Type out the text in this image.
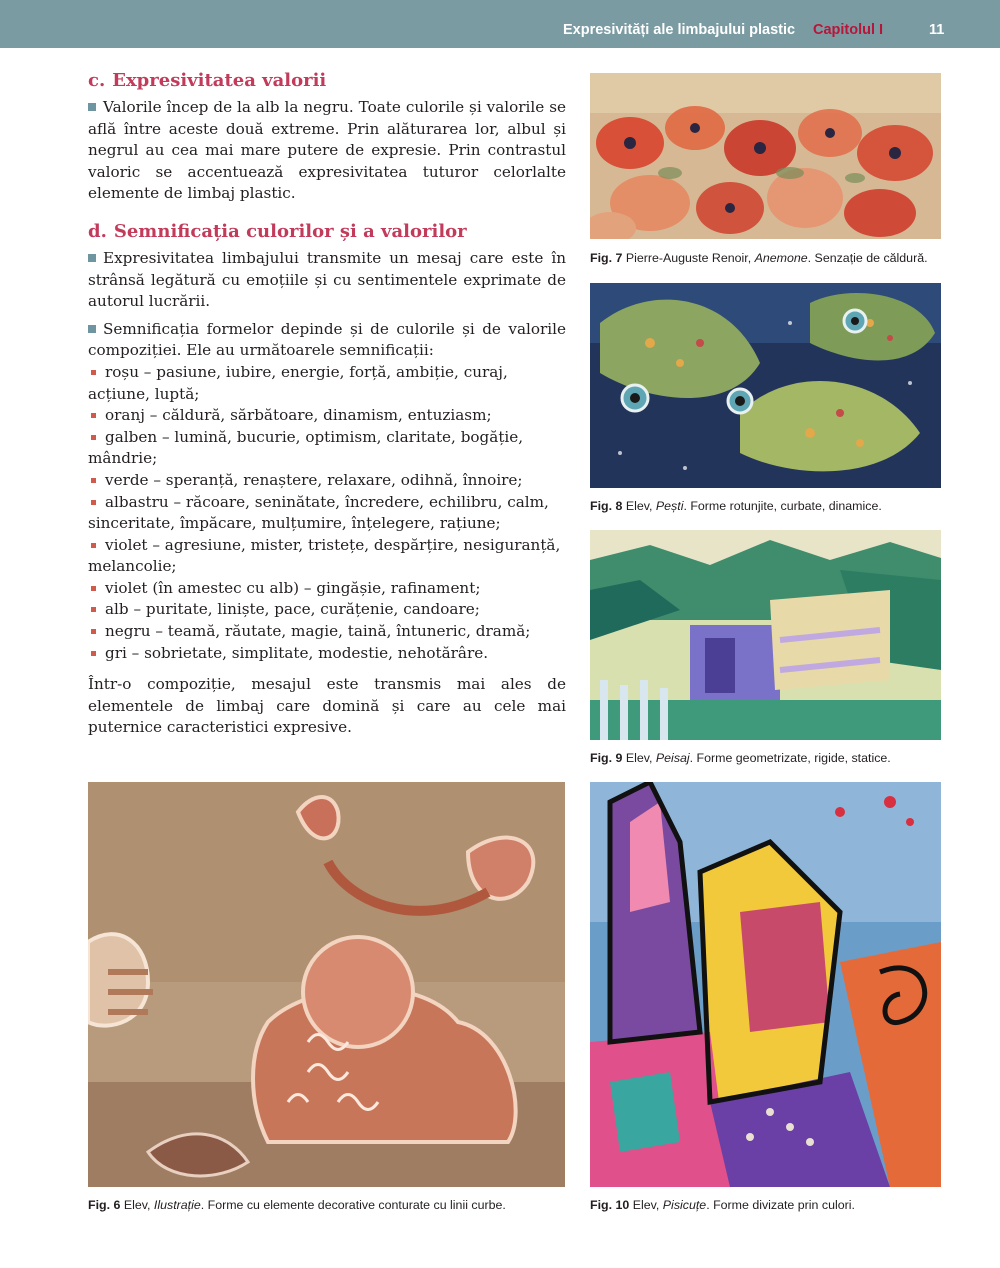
Expresivități ale limbajului plastic Capitolul I	11
c. Expresivitatea valorii

Valorile încep de la alb la negru. Toate culorile și valorile se află între aceste două extreme. Prin alăturarea lor, albul și negrul au cea mai mare putere de expresie. Prin contrastul valoric se accentuează expresivitatea tuturor celorlalte elemente de limbaj plastic.

d. Semnificația culorilor și a valorilor

Expresivitatea limbajului transmite un mesaj care este în strânsă legătură cu emoțiile și cu sentimentele exprimate de autorul lucrării.

Semnificația formelor depinde și de culorile și de valorile compoziției. Ele au următoarele semnificații:

roșu – pasiune, iubire, energie, forță, ambiție, curaj, acțiune, luptă;
oranj – căldură, sărbătoare, dinamism, entuziasm;
galben – lumină, bucurie, optimism, claritate, bogăție, mândrie;
verde – speranță, renaștere, relaxare, odihnă, înnoire;
albastru – răcoare, seninătate, încredere, echilibru, calm, sinceritate, împăcare, mulțumire, înțelegere, rațiune;
violet – agresiune, mister, tristețe, despărțire, nesiguranță, melancolie;
violet (în amestec cu alb) – gingășie, rafinament;
alb – puritate, liniște, pace, curățenie, candoare;
negru – teamă, răutate, magie, taină, întuneric, dramă;
gri – sobrietate, simplitate, modestie, nehotărâre.

Într-o compoziție, mesajul este transmis mai ales de elementele de limbaj care domină și care au cele mai puternice caracteristici expresive.

Fig. 7 Pierre-Auguste Renoir, Anemone. Senzație de căldură.
Fig. 8 Elev, Pești. Forme rotunjite, curbate, dinamice.
Fig. 9 Elev, Peisaj. Forme geometrizate, rigide, statice.
Fig. 6 Elev, Ilustrație. Forme cu elemente decorative conturate cu linii curbe.	Fig. 10 Elev, Pisicuțe. Forme divizate prin culori.
